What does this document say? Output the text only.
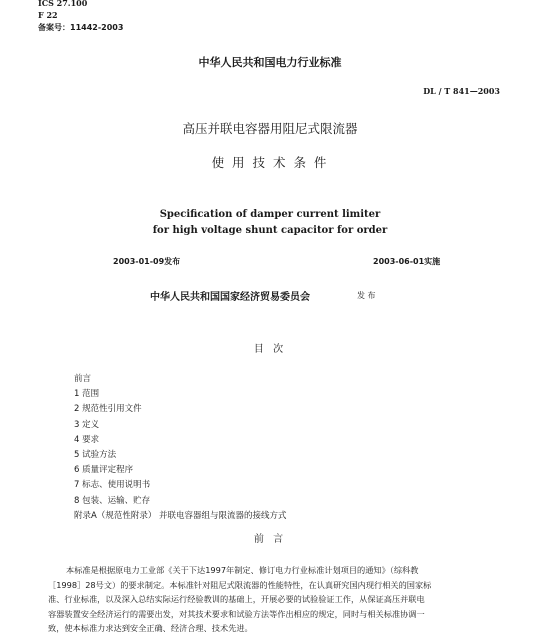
ICS 27.100
F 22
备案号：11442-2003
中华人民共和国电力行业标准
DL / T 841—2003
高压并联电容器用阻尼式限流器
使 用 技 术 条 件
Specification of damper current limiter
for high voltage shunt capacitor for order
2003-01-09发布	2003-06-01实施
中华人民共和国国家经济贸易委员会	发 布
目 次
前言
1 范围
2 规范性引用文件
3 定义
4 要求
5 试验方法
6 质量评定程序
7 标志、使用说明书
8 包装、运输、贮存
附录A（规范性附录） 并联电容器组与限流器的接线方式
前 言
本标准是根据原电力工业部《关于下达1997年制定、修订电力行业标准计划项目的通知》（综科教
［1998］28号文）的要求制定。本标准针对阻尼式限流器的性能特性，在认真研究国内现行相关的国家标
准、行业标准，以及深入总结实际运行经验教训的基础上，开展必要的试验验证工作，从保证高压并联电
容器装置安全经济运行的需要出发，对其技术要求和试验方法等作出相应的规定，同时与相关标准协调一
致，使本标准力求达到安全正确、经济合理、技术先进。
